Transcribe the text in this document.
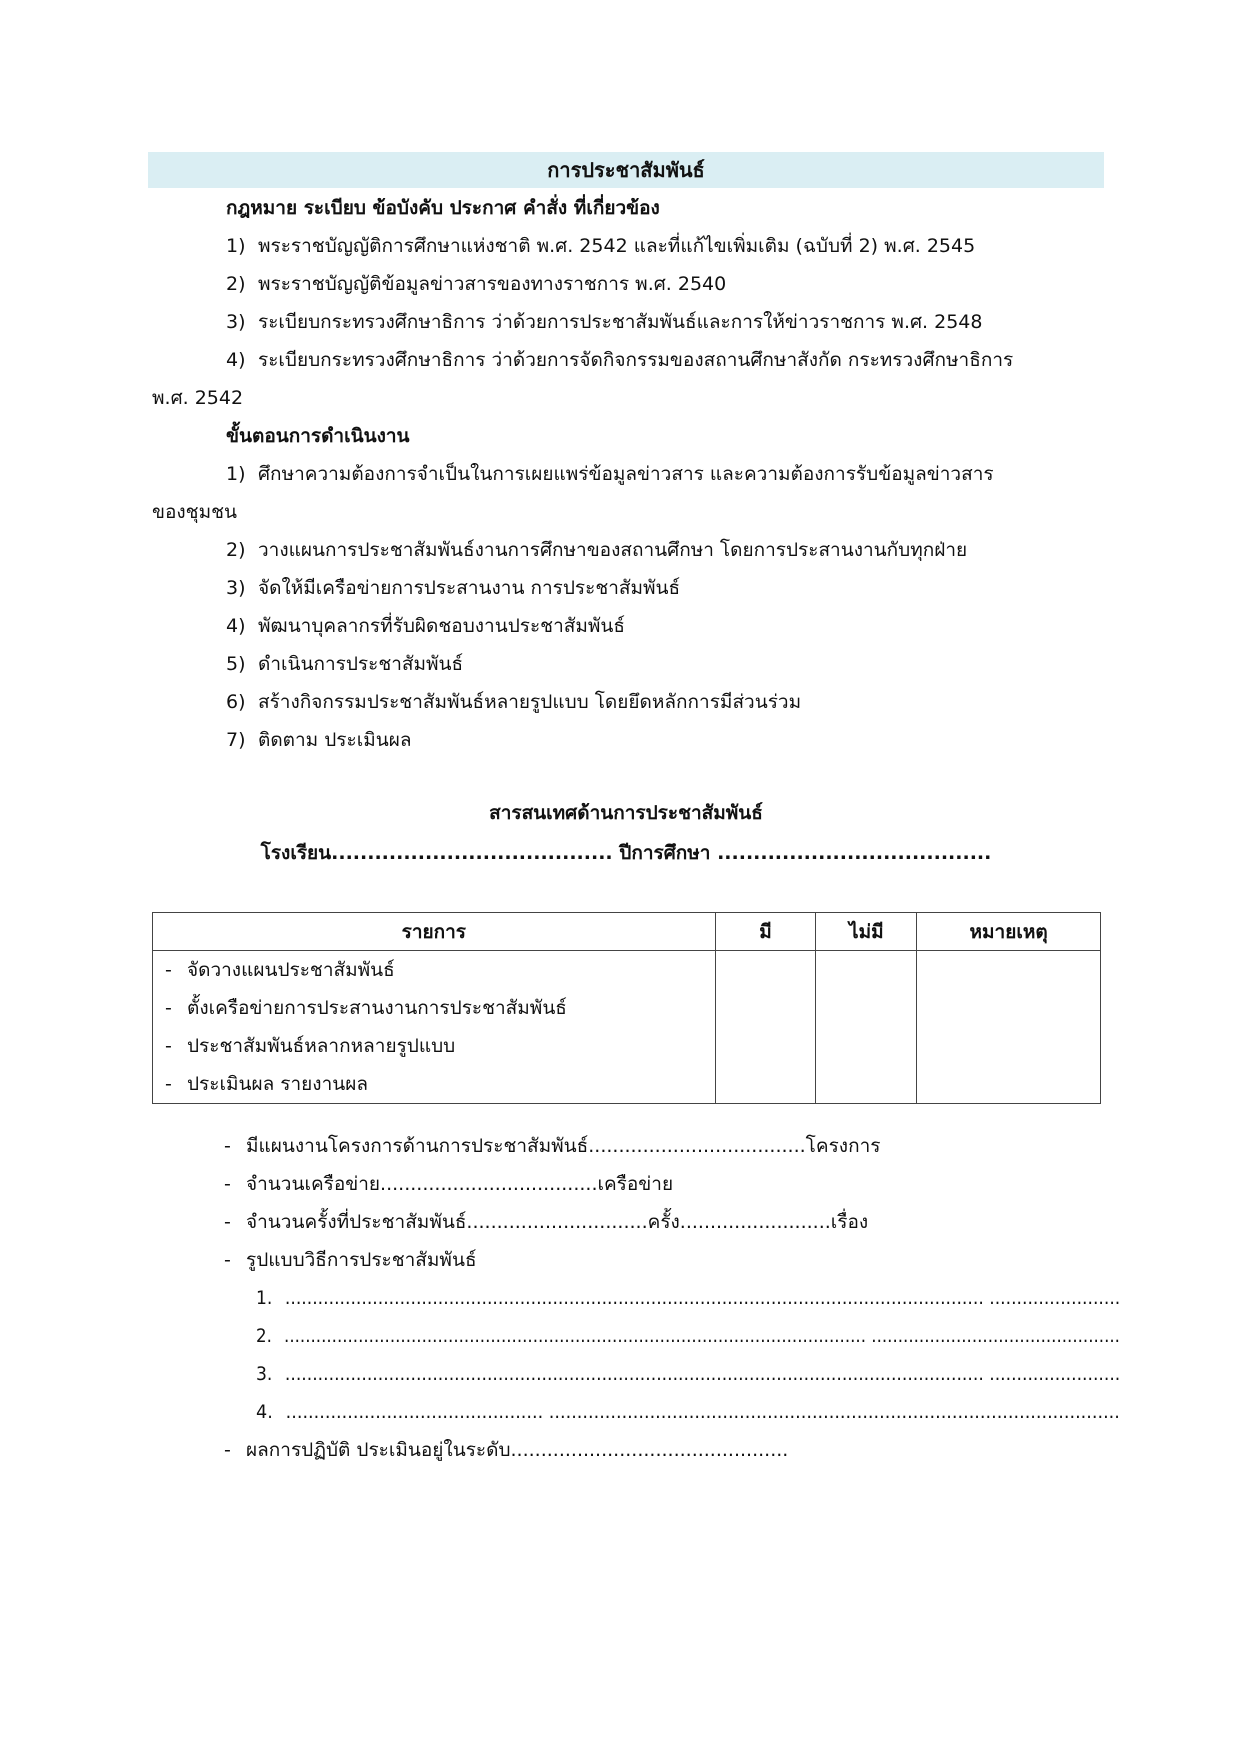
การประชาสัมพันธ์
กฎหมาย ระเบียบ ข้อบังคับ ประกาศ คำสั่ง ที่เกี่ยวข้อง
1) พระราชบัญญัติการศึกษาแห่งชาติ พ.ศ. 2542 และที่แก้ไขเพิ่มเติม (ฉบับที่ 2) พ.ศ. 2545
2) พระราชบัญญัติข้อมูลข่าวสารของทางราชการ พ.ศ. 2540
3) ระเบียบกระทรวงศึกษาธิการ ว่าด้วยการประชาสัมพันธ์และการให้ข่าวราชการ พ.ศ. 2548
4) ระเบียบกระทรวงศึกษาธิการ ว่าด้วยการจัดกิจกรรมของสถานศึกษาสังกัด กระทรวงศึกษาธิการ
พ.ศ. 2542
ขั้นตอนการดำเนินงาน
1) ศึกษาความต้องการจำเป็นในการเผยแพร่ข้อมูลข่าวสาร และความต้องการรับข้อมูลข่าวสาร
ของชุมชน
2) วางแผนการประชาสัมพันธ์งานการศึกษาของสถานศึกษา โดยการประสานงานกับทุกฝ่าย
3) จัดให้มีเครือข่ายการประสานงาน การประชาสัมพันธ์
4) พัฒนาบุคลากรที่รับผิดชอบงานประชาสัมพันธ์
5) ดำเนินการประชาสัมพันธ์
6) สร้างกิจกรรมประชาสัมพันธ์หลายรูปแบบ โดยยึดหลักการมีส่วนร่วม
7) ติดตาม ประเมินผล
สารสนเทศด้านการประชาสัมพันธ์
โรงเรียน....................................... ปีการศึกษา ......................................
รายการ	มี	ไม่มี	หมายเหตุ

- จัดวางแผนประชาสัมพันธ์
- ตั้งเครือข่ายการประสานงานการประชาสัมพันธ์
- ประชาสัมพันธ์หลากหลายรูปแบบ
- ประเมินผล รายงานผล			

- มีแผนงานโครงการด้านการประชาสัมพันธ์....................................โครงการ
- จำนวนเครือข่าย....................................เครือข่าย
- จำนวนครั้งที่ประชาสัมพันธ์..............................ครั้ง.........................เรื่อง
- รูปแบบวิธีการประชาสัมพันธ์
1. ................................................................................................................................ ........................
2. .............................................................................................................. ...............................................
3. ................................................................................................................................ ........................
4. .............................................. ......................................................................................................
- ผลการปฏิบัติ ประเมินอยู่ในระดับ..............................................
